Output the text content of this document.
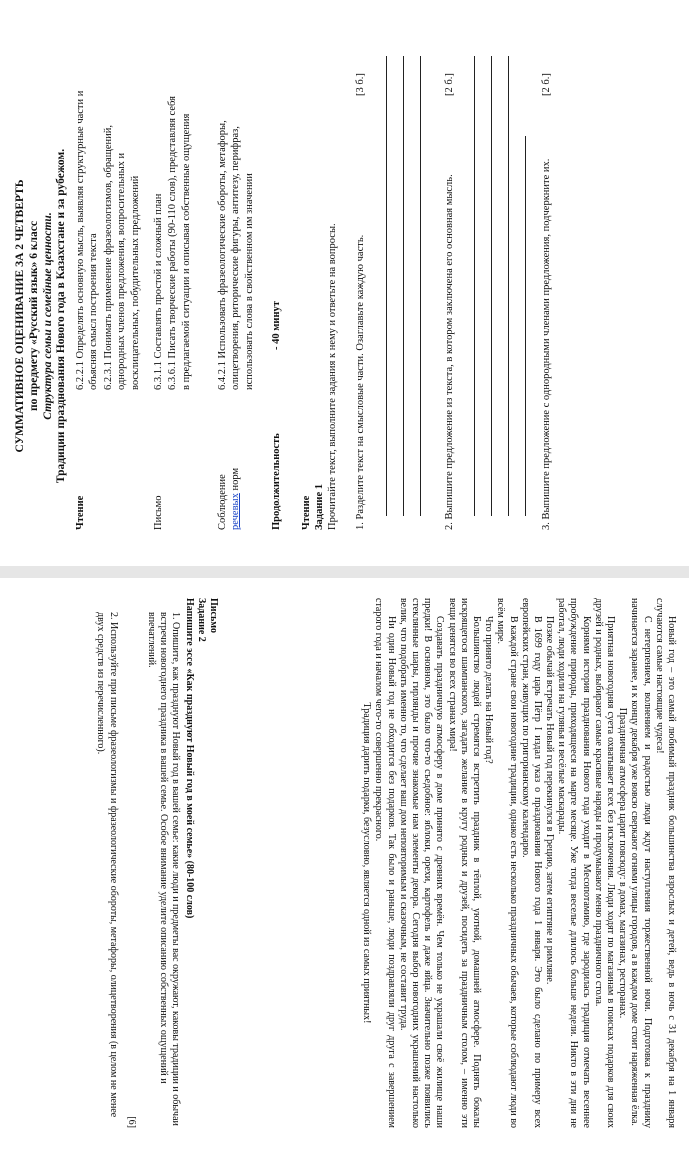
СУММАТИВНОЕ ОЦЕНИВАНИЕ ЗА 2 ЧЕТВЕРТЬ по предмету «Русский язык» 6 класс Структура семьи и семейные ценности. Традиции празднования Нового года в Казахстане и за рубежом.
Чтение

6.2.2.1 Определять основную мысль, выявляя структурные части и объясняя смысл построения текста 6.2.3.1 Понимать применение фразеологизмов, обращений, однородных членов предложения, вопросительных и восклицательных, побудительных предложений

Письмо

6.3.1.1 Составлять простой и сложный план 6.3.6.1 Писать творческие работы (90-110 слов), представляя себя в предлагаемой ситуации и описывая собственные ощущения

Соблюдение речевых норм
6.4.2.1 Использовать фразеологические обороты, метафоры, олицетворения, риторические фигуры, антитезу, перифраз, использовать слова в свойственном им значении
Продолжительность
- 40 минут
Чтение Задание 1 Прочитайте текст, выполните задания к нему и ответьте на вопросы. 1. Разделите текст на смысловые части. Озаглавьте каждую часть.
[3 б.]
2. Выпишите предложение из текста, в котором заключена его основная мысль.
[2 б.]
3. Выпишите предложение с однородными членами предложения, подчеркните их.
[2 б.]

Новый год – это самый любимый праздник большинства взрослых и детей, ведь в ночь с 31 декабря на 1 января случаются самые настоящие чудеса!

С нетерпением, волнением и радостью люди ждут наступления торжественной ночи. Подготовка к празднику начинается заранее, и к концу декабря уже вовсю сверкают огнями улицы городов, а в каждом доме стоит наряженная ёлка.

Праздничная атмосфера царит повсюду: в домах, магазинах, ресторанах.

Приятная новогодняя суета охватывает всех без исключения. Люди ходят по магазинам в поисках подарков для своих друзей и родных, выбирают самые красивые наряды и продумывают меню праздничного стола.

Корнями история празднования Нового года уходит в Месопотамию, где зародилась традиция отмечать весеннее пробуждение природы, приходящееся на марте месяце. Уже тогда веселье длилось больше недели. Никто в эти дни не работал, люди ходили на гулянья и весёлые маскарады.

Позже обычай встречать Новый год перекинулся в Грецию, затем египтяне и римляне.

В 1699 году царь Пётр I издал указ о праздновании Нового года 1 января. Это было сделано по примеру всех европейских стран, живущих по григорианскому календарю.

В каждой стране свои новогодние традиции, однако есть несколько праздничных обычаев, которые соблюдают люди во всём мире.

Что принято делать на Новый год?

Большинство людей стремятся встретить праздник в тёплой, уютной, домашней атмосфере. Поднять бокалы искрящегося шампанского, загадать желание в кругу родных и друзей, посидеть за праздничным столом, – именно эти вещи ценятся во всех странах мира!

Создавать праздничную атмосферу в доме принято с древних времён. Чем только не украшали своё жилище наши предки! В основном, это было что-то съедобное: яблоки, орехи, картофель и даже яйца. Значительно позже появились стеклянные шары, гирлянды и прочие знакомые нам элементы декора. Сегодня выбор новогодних украшений настолько велик, что подобрать именно то, что сделает ваш дом неповторимым и сказочным, не составит труда.

Ни один Новый год не обходится без подарков. Так было и раньше, люди поздравляли друг друга с завершением старого года и началом чего-то совершенно прекрасного.

Традиция дарить подарки, безусловно, является одной из самых приятных!

Письмо
Задание 2
Напишите эссе «Как празднуют Новый год в моей семье» (80-100 слов)
1. Опишите, как празднуют Новый год в вашей семье: какие люди и предметы вас окружают, каковы традиции и обычаи встречи новогоднего праздника в вашей семье. Особое внимание уделите описанию собственных ощущений и впечатлений.
[6]
2. Используйте при письме фразеологизмы и фразеологические обороты, метафоры, олицетворения (в целом не менее двух средств из перечисленного).
